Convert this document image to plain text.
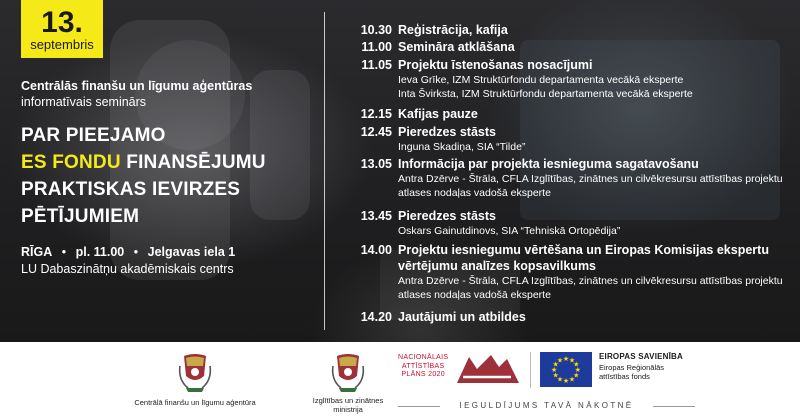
13.
septembris
Centrālās finanšu un līgumu aģentūras
informatīvais seminārs
PAR PIEEJAMO
ES FONDU FINANSĒJUMU
PRAKTISKAS IEVIRZES
PĒTĪJUMIEM
RĪGA • pl. 11.00 • Jelgavas iela 1
LU Dabaszinātņu akadēmiskais centrs
10.30 Reģistrācija, kafija
11.00 Semināra atklāšana
11.05 Projektu īstenošanas nosacījumi
Ieva Grīke, IZM Struktūrfondu departamenta vecākā eksperte
Inta Švirksta, IZM Struktūrfondu departamenta vecākā eksperte
12.15 Kafijas pauze
12.45 Pieredzes stāsts
Inguna Skadiņa, SIA “Tilde”
13.05 Informācija par projekta iesnieguma sagatavošanu
Antra Dzērve - Štrāla, CFLA Izglītības, zinātnes un cilvēkresursu attīstības projektu
atlases nodaļas vadošā eksperte
13.45 Pieredzes stāsts
Oskars Gainutdinovs, SIA “Tehniskā Ortopēdija”
14.00 Projektu iesniegumu vērtēšana un Eiropas Komisijas ekspertu
vērtējumu analīzes kopsavilkums
Antra Dzērve - Štrāla, CFLA Izglītības, zinātnes un cilvēkresursu attīstības projektu
atlases nodaļas vadošā eksperte
14.20 Jautājumi un atbildes
Centrālā finanšu un līgumu aģentūra	Izglītības un zinātnes
ministrija
NACIONĀLAIS
ATTĪSTĪBAS
PLĀNS 2020
★ ★
★
★
★
★
★
★
★
★
★
★	EIROPAS SAVIENĪBA
Eiropas Reģionālās
attīstības fonds
IEGULDĪJUMS TAVĀ NĀKOTNĒ
